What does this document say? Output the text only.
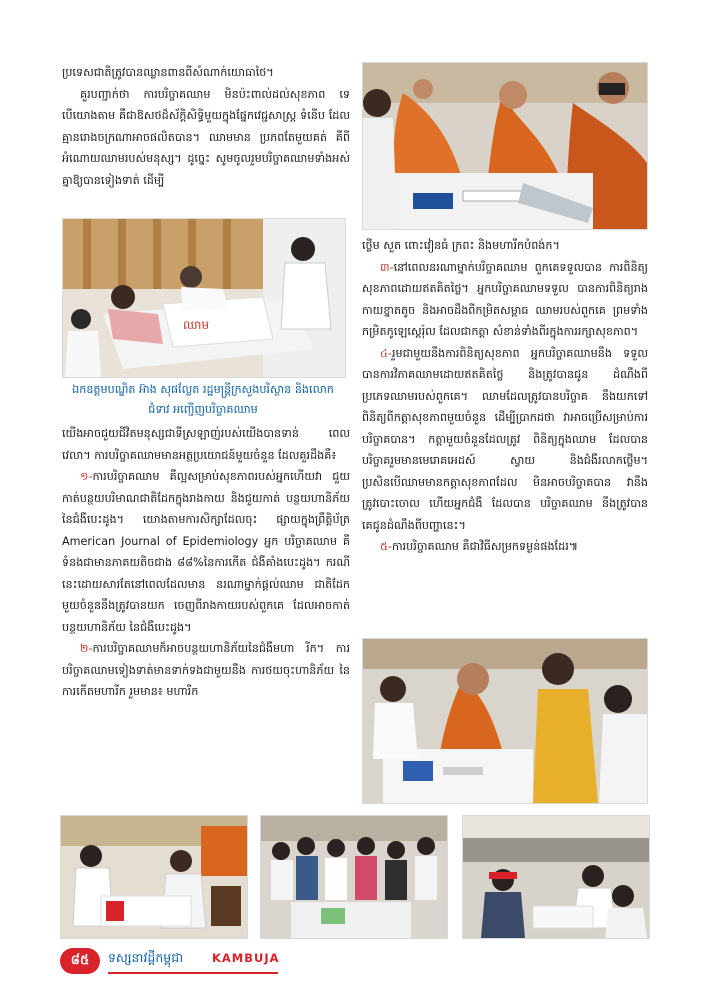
ប្រទេសជាតិត្រូវបានឈ្លានពានពីសំណាក់យោធាថៃ។

គួរបញ្ជាក់ថា ការបរិច្ចាគឈាម មិនប៉ះពាល់ដល់សុខភាព ទេ បើយោងតាម គឺជាឱសថដ៏ស័ក្តិសិទ្ធិមួយក្នុងផ្នែកវេជ្ជសាស្ត្រ ទំនើប ដែលគ្មានរោងចក្រណាអាចផលិតបាន។ ឈាមមាន ប្រភពតែមួយគត់ គឺពីអំណោយឈាមរបស់មនុស្ស។ ដូច្នេះ សូមចូលរួមបរិច្ចាគឈាមទាំងអស់គ្នាឱ្យបានទៀងទាត់ ដើម្បី

ឈាម
ឯកឧត្តមបណ្ឌិត អ៊ាង សុផល្លែត រដ្ឋមន្ត្រីក្រសួងបរិស្ថាន និងលោកជំទាវ អញ្ជើញបរិច្ចាគឈាម

យើងអាចជួយជីវិតមនុស្សជាទីស្រឡាញ់របស់យើងបានទាន់ ពេលវេលា។ ការបរិច្ចាគឈាមមានអត្ថប្រយោជន៍មួយចំនួន ដែលគួរដឹងគឺ៖

១-ការបរិច្ចាគឈាម គឺល្អសម្រាប់សុខភាពរបស់អ្នកហើយវា ជួយកាត់បន្ថយបរិមាណជាតិដែកក្នុងរាងកាយ និងជួយកាត់ បន្ថយហានិភ័យនៃជំងឺបេះដូង។ យោងតាមការសិក្សាដែលចុះ ផ្សាយក្នុងព្រឹត្តិប័ត្រ American Journal of Epidemiology អ្នក បរិច្ចាគឈាម គឺទំនងជាមានភាគយតិចជាង ៨៨%នៃការកើត ជំងឺគាំងបេះដូង។ ករណីនេះដោយសារតែនៅពេលដែលមាន នរណាម្នាក់ផ្តល់ឈាម ជាតិដែកមួយចំនួននឹងត្រូវបានយក ចេញពីរាងកាយរបស់ពួកគេ ដែលអាចកាត់បន្ថយហានិភ័យ នៃជំងឺបេះដូង។

២-ការបរិច្ចាគឈាមក៏អាចបន្ថយហានិភ័យនៃជំងឺមហា រីក។ ការបរិច្ចាគឈាមទៀងទាត់មានទាក់ទងជាមួយនឹង ការថយចុះហានិភ័យ នៃការកើតមហារីក រួមមាន៖ មហារីក

ថ្លើម សួត ពោះវៀនធំ ក្រពះ និងមហារីកបំពង់ក។

៣-នៅពេលនរណាម្នាក់បរិច្ចាគឈាម ពួកគេទទួលបាន ការពិនិត្យសុខភាពដោយឥតគិតថ្លៃ។ អ្នកបរិច្ចាគឈាមទទួល បានការពិនិត្យរាងកាយខ្នាតតូច និងអាចដឹងពីកម្រិតសម្ពាធ ឈាមរបស់ពួកគេ ព្រមទាំងកម្រិតកូឡេស្តេរ៉ុល ដែលជាកត្តា សំខាន់ទាំងពីរក្នុងការរក្សាសុខភាព។

៤-រួមជាមួយនឹងការពិនិត្យសុខភាព អ្នកបរិច្ចាគឈាមនឹង ទទួលបានការវិភាគឈាមដោយឥតគិតថ្លៃ និងត្រូវបានជូន ដំណឹងពីប្រភេទឈាមរបស់ពួកគេ។ ឈាមដែលត្រូវបានបរិច្ចាគ នឹងយកទៅពិនិត្យពីកត្តាសុខភាពមួយចំនួន ដើម្បីប្រាកដថា វាអាចប្រើសម្រាប់ការបរិច្ចាគបាន។ កត្តាមួយចំនួនដែលត្រូវ ពិនិត្យក្នុងឈាម ដែលបានបរិច្ចាគរួមមានមេរោគអេដស៍ ស្វាយ និងជំងឺរលាកថ្លើម។ ប្រសិនបើឈាមមានកត្តាសុខភាពដែល មិនអាចបរិច្ចាគបាន វានឹងត្រូវបោះចោល ហើយអ្នកជំងឺ ដែលបាន បរិច្ចាគឈាម នឹងត្រូវបានគេជូនដំណឹងពីបញ្ហានេះ។

៥-ការបរិច្ចាគឈាម គឺជាវិធីសម្រកទម្ងន់ផងដែរ៕

៨៥	ទស្សនាវដ្តីកម្ពុជា	KAMBUJA
